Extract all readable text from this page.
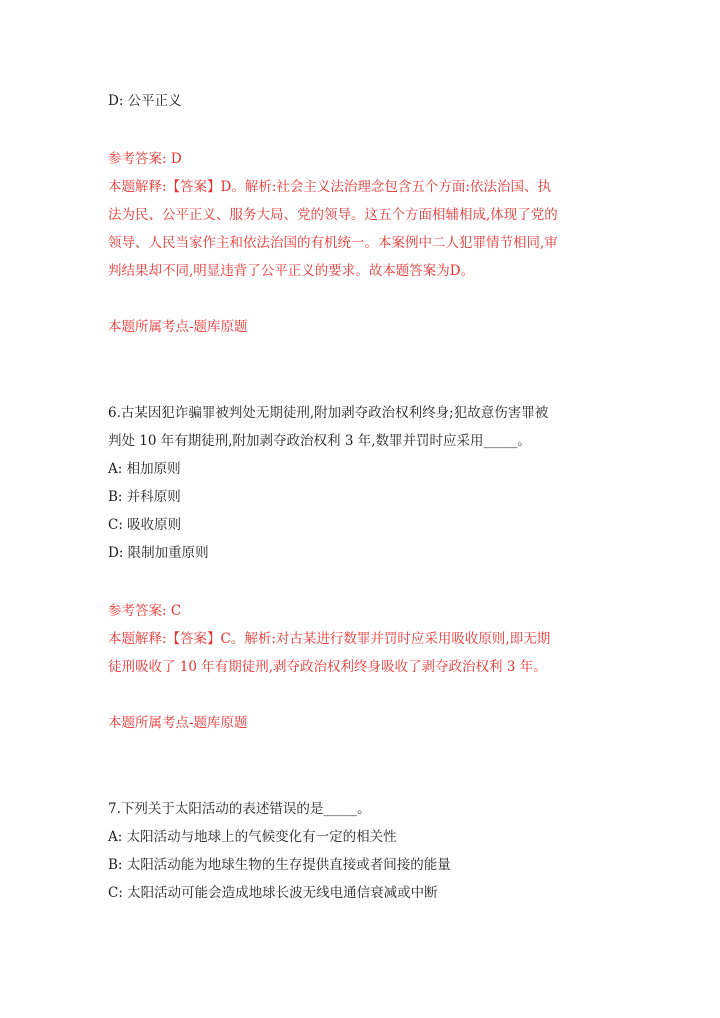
D: 公平正义
参考答案: D
本题解释:【答案】D。解析:社会主义法治理念包含五个方面:依法治国、执
法为民、公平正义、服务大局、党的领导。这五个方面相辅相成,体现了党的
领导、人民当家作主和依法治国的有机统一。本案例中二人犯罪情节相同,审
判结果却不同,明显违背了公平正义的要求。故本题答案为D。
本题所属考点-题库原题
6.古某因犯诈骗罪被判处无期徒刑,附加剥夺政治权利终身;犯故意伤害罪被
判处 10 年有期徒刑,附加剥夺政治权利 3 年,数罪并罚时应采用_____。
A: 相加原则
B: 并科原则
C: 吸收原则
D: 限制加重原则
参考答案: C
本题解释:【答案】C。解析:对古某进行数罪并罚时应采用吸收原则,即无期
徒刑吸收了 10 年有期徒刑,剥夺政治权利终身吸收了剥夺政治权利 3 年。
本题所属考点-题库原题
7.下列关于太阳活动的表述错误的是_____。
A: 太阳活动与地球上的气候变化有一定的相关性
B: 太阳活动能为地球生物的生存提供直接或者间接的能量
C: 太阳活动可能会造成地球长波无线电通信衰减或中断
